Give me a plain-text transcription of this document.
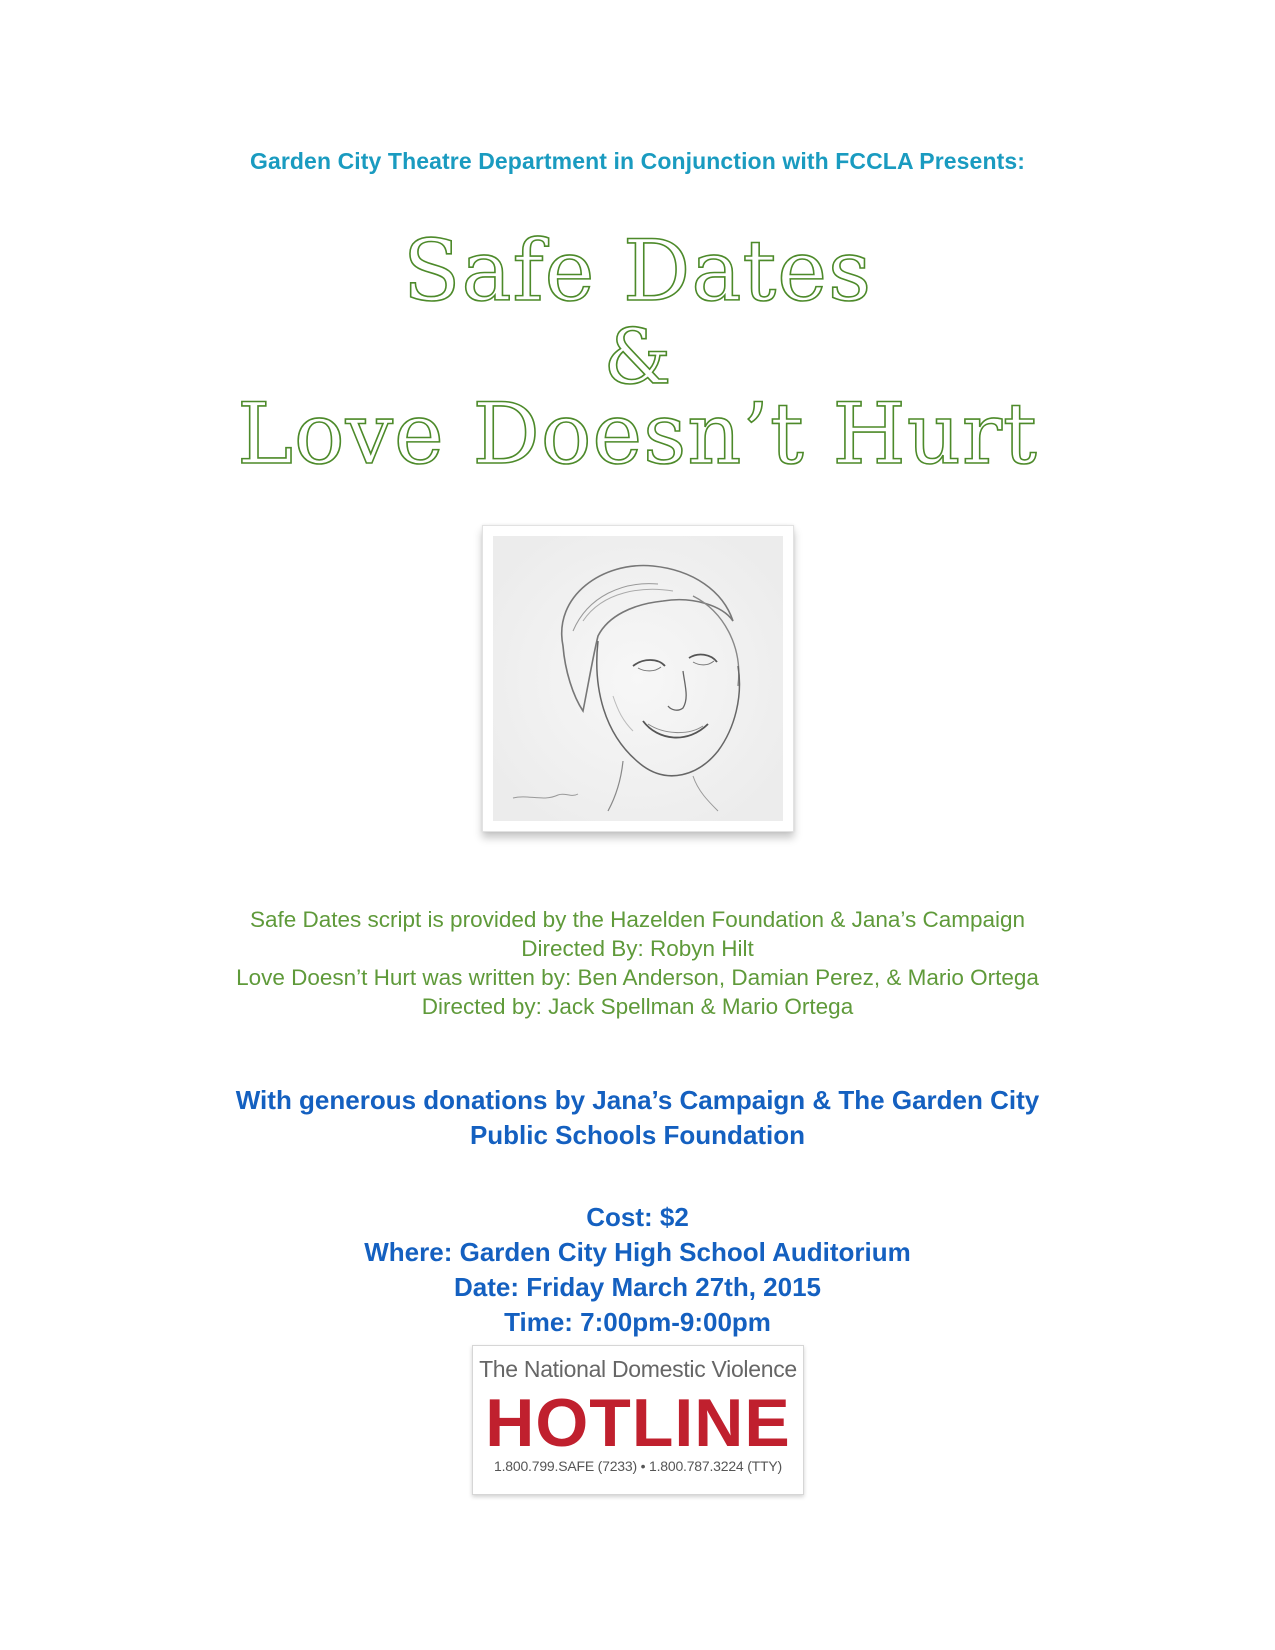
Garden City Theatre Department in Conjunction with FCCLA Presents:
Safe Dates
&
Love Doesn’t Hurt
Safe Dates script is provided by the Hazelden Foundation & Jana’s Campaign
Directed By: Robyn Hilt
Love Doesn’t Hurt was written by: Ben Anderson, Damian Perez, & Mario Ortega
Directed by: Jack Spellman & Mario Ortega
With generous donations by Jana’s Campaign & The Garden City
Public Schools Foundation
Cost: $2
Where: Garden City High School Auditorium
Date: Friday March 27th, 2015
Time: 7:00pm-9:00pm
The National Domestic Violence
HOTLINE
1.800.799.SAFE (7233) • 1.800.787.3224 (TTY)
